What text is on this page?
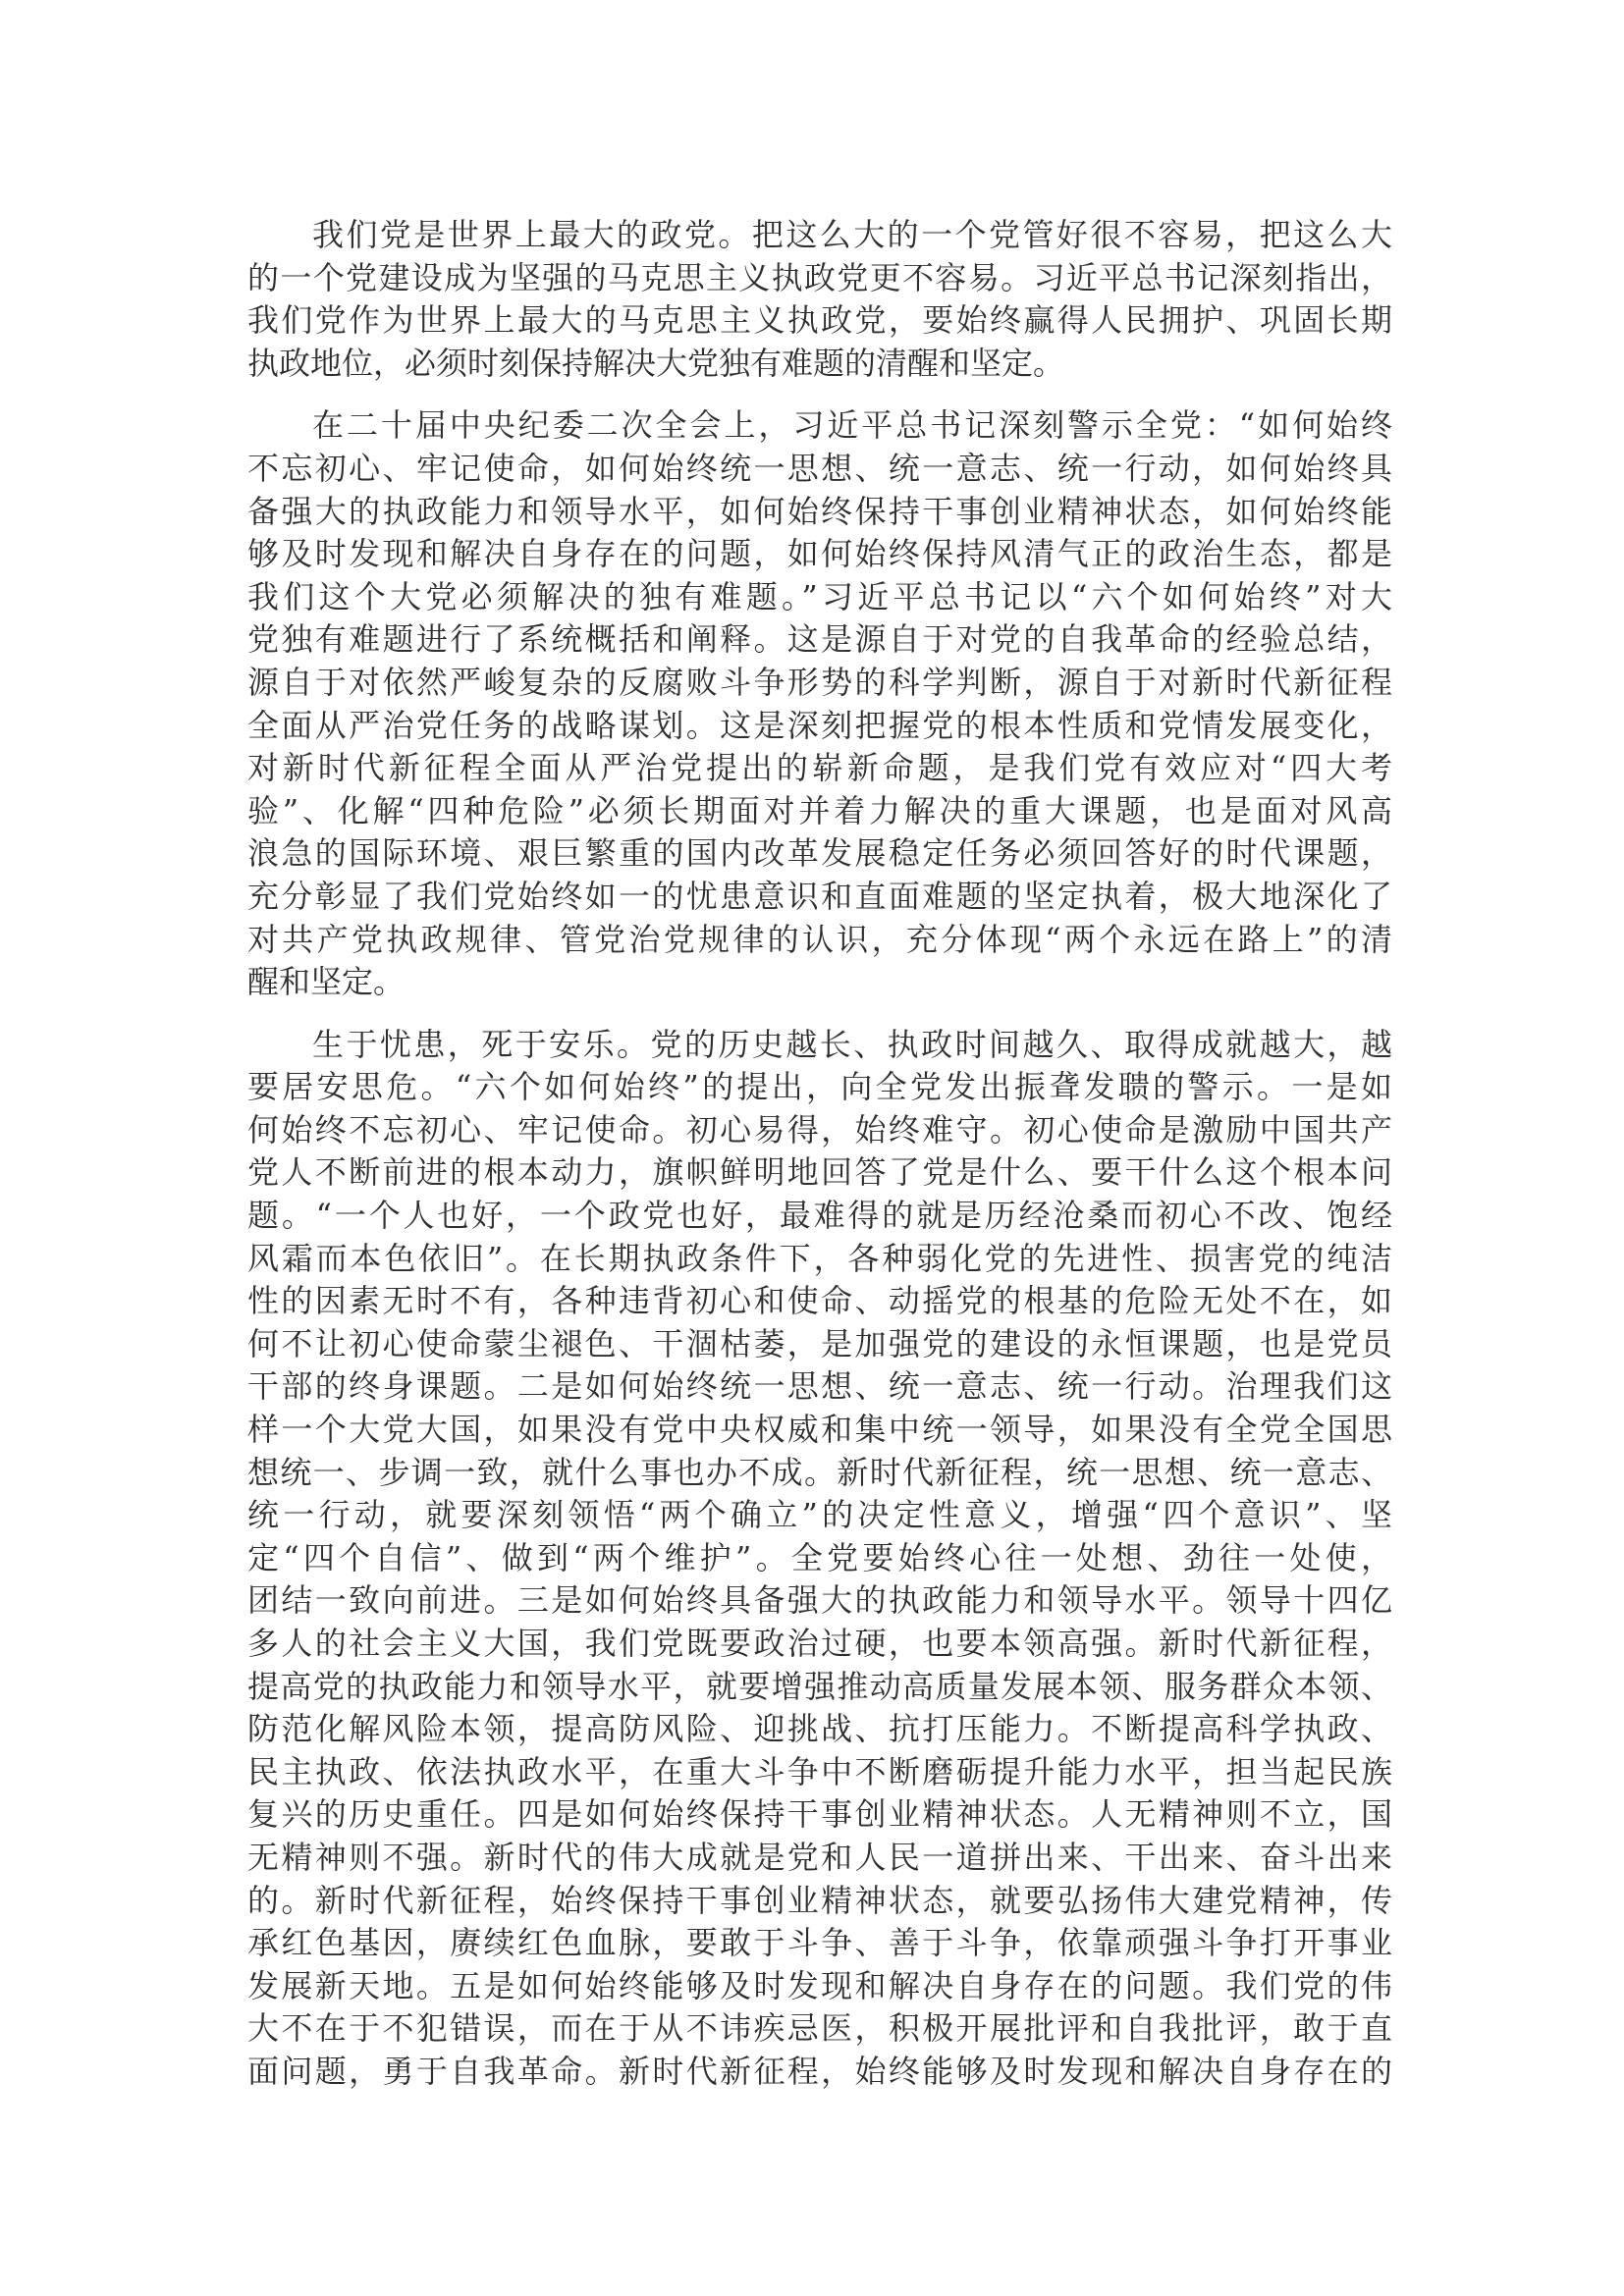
我们党是世界上最大的政党。把这么大的一个党管好很不容易，把这么大
的一个党建设成为坚强的马克思主义执政党更不容易。习近平总书记深刻指出，
我们党作为世界上最大的马克思主义执政党，要始终赢得人民拥护、巩固长期
执政地位，必须时刻保持解决大党独有难题的清醒和坚定。
在二十届中央纪委二次全会上，习近平总书记深刻警示全党：“如何始终
不忘初心、牢记使命，如何始终统一思想、统一意志、统一行动，如何始终具
备强大的执政能力和领导水平，如何始终保持干事创业精神状态，如何始终能
够及时发现和解决自身存在的问题，如何始终保持风清气正的政治生态，都是
我们这个大党必须解决的独有难题。”习近平总书记以“六个如何始终”对大
党独有难题进行了系统概括和阐释。这是源自于对党的自我革命的经验总结，
源自于对依然严峻复杂的反腐败斗争形势的科学判断，源自于对新时代新征程
全面从严治党任务的战略谋划。这是深刻把握党的根本性质和党情发展变化，
对新时代新征程全面从严治党提出的崭新命题，是我们党有效应对“四大考
验”、化解“四种危险”必须长期面对并着力解决的重大课题，也是面对风高
浪急的国际环境、艰巨繁重的国内改革发展稳定任务必须回答好的时代课题，
充分彰显了我们党始终如一的忧患意识和直面难题的坚定执着，极大地深化了
对共产党执政规律、管党治党规律的认识，充分体现“两个永远在路上”的清
醒和坚定。
生于忧患，死于安乐。党的历史越长、执政时间越久、取得成就越大，越
要居安思危。“六个如何始终”的提出，向全党发出振聋发聩的警示。一是如
何始终不忘初心、牢记使命。初心易得，始终难守。初心使命是激励中国共产
党人不断前进的根本动力，旗帜鲜明地回答了党是什么、要干什么这个根本问
题。“一个人也好，一个政党也好，最难得的就是历经沧桑而初心不改、饱经
风霜而本色依旧”。在长期执政条件下，各种弱化党的先进性、损害党的纯洁
性的因素无时不有，各种违背初心和使命、动摇党的根基的危险无处不在，如
何不让初心使命蒙尘褪色、干涸枯萎，是加强党的建设的永恒课题，也是党员
干部的终身课题。二是如何始终统一思想、统一意志、统一行动。治理我们这
样一个大党大国，如果没有党中央权威和集中统一领导，如果没有全党全国思
想统一、步调一致，就什么事也办不成。新时代新征程，统一思想、统一意志、
统一行动，就要深刻领悟“两个确立”的决定性意义，增强“四个意识”、坚
定“四个自信”、做到“两个维护”。全党要始终心往一处想、劲往一处使，
团结一致向前进。三是如何始终具备强大的执政能力和领导水平。领导十四亿
多人的社会主义大国，我们党既要政治过硬，也要本领高强。新时代新征程，
提高党的执政能力和领导水平，就要增强推动高质量发展本领、服务群众本领、
防范化解风险本领，提高防风险、迎挑战、抗打压能力。不断提高科学执政、
民主执政、依法执政水平，在重大斗争中不断磨砺提升能力水平，担当起民族
复兴的历史重任。四是如何始终保持干事创业精神状态。人无精神则不立，国
无精神则不强。新时代的伟大成就是党和人民一道拼出来、干出来、奋斗出来
的。新时代新征程，始终保持干事创业精神状态，就要弘扬伟大建党精神，传
承红色基因，赓续红色血脉，要敢于斗争、善于斗争，依靠顽强斗争打开事业
发展新天地。五是如何始终能够及时发现和解决自身存在的问题。我们党的伟
大不在于不犯错误，而在于从不讳疾忌医，积极开展批评和自我批评，敢于直
面问题，勇于自我革命。新时代新征程，始终能够及时发现和解决自身存在的
